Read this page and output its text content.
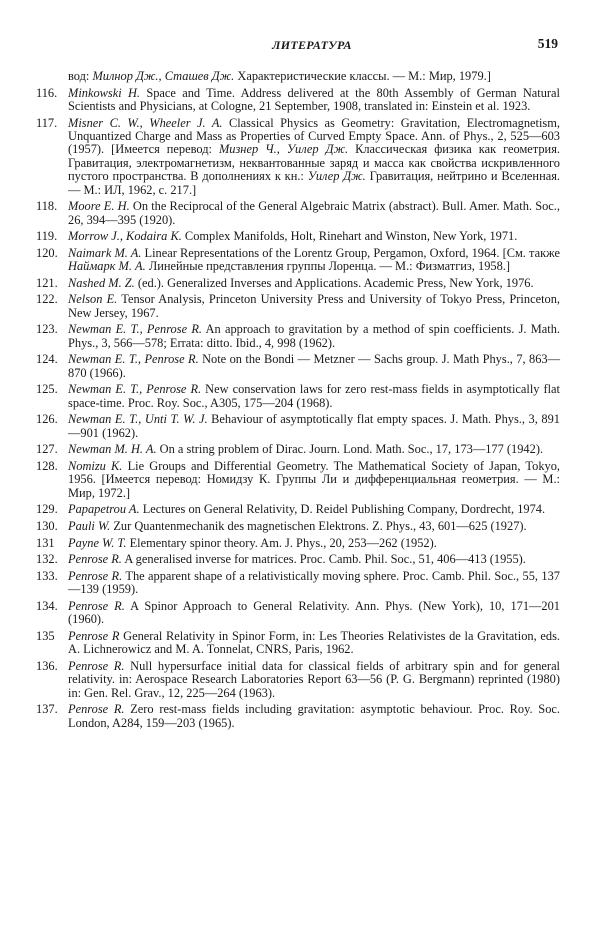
ЛИТЕРАТУРА	519
вод: Милнор Дж., Сташев Дж. Характеристические классы. — М.: Мир, 1979.]
116. Minkowski H. Space and Time. Address delivered at the 80th Assembly of German Natural Scientists and Physicians, at Cologne, 21 September, 1908, translated in: Einstein et al. 1923.
117. Misner C. W., Wheeler J. A. Classical Physics as Geometry: Gravitation, Electromagnetism, Unquantized Charge and Mass as Properties of Curved Empty Space. Ann. of Phys., 2, 525—603 (1957). [Имеется перевод: Мизнер Ч., Уилер Дж. Классическая физика как геометрия. Гравитация, электромагнетизм, неквантованные заряд и масса как свойства искривленного пустого пространства. В дополнениях к кн.: Уилер Дж. Гравитация, нейтрино и Вселенная. — М.: ИЛ, 1962, с. 217.]
118. Moore E. H. On the Reciprocal of the General Algebraic Matrix (abstract). Bull. Amer. Math. Soc., 26, 394—395 (1920).
119. Morrow J., Kodaira K. Complex Manifolds, Holt, Rinehart and Winston, New York, 1971.
120. Naimark M. A. Linear Representations of the Lorentz Group, Pergamon, Oxford, 1964. [См. также Наймарк М. А. Линейные представления группы Лоренца. — М.: Физматгиз, 1958.]
121. Nashed M. Z. (ed.). Generalized Inverses and Applications. Academic Press, New York, 1976.
122. Nelson E. Tensor Analysis, Princeton University Press and University of Tokyo Press, Princeton, New Jersey, 1967.
123. Newman E. T., Penrose R. An approach to gravitation by a method of spin coefficients. J. Math. Phys., 3, 566—578; Errata: ditto. Ibid., 4, 998 (1962).
124. Newman E. T., Penrose R. Note on the Bondi — Metzner — Sachs group. J. Math Phys., 7, 863—870 (1966).
125. Newman E. T., Penrose R. New conservation laws for zero rest-mass fields in asymptotically flat space-time. Proc. Roy. Soc., A305, 175—204 (1968).
126. Newman E. T., Unti T. W. J. Behaviour of asymptotically flat empty spaces. J. Math. Phys., 3, 891—901 (1962).
127. Newman M. H. A. On a string problem of Dirac. Journ. Lond. Math. Soc., 17, 173—177 (1942).
128. Nomizu K. Lie Groups and Differential Geometry. The Mathematical Society of Japan, Tokyo, 1956. [Имеется перевод: Номидзу К. Группы Ли и дифференциальная геометрия. — М.: Мир, 1972.]
129. Papapetrou A. Lectures on General Relativity, D. Reidel Publishing Company, Dordrecht, 1974.
130. Pauli W. Zur Quantenmechanik des magnetischen Elektrons. Z. Phys., 43, 601—625 (1927).
131	Payne W. T. Elementary spinor theory. Am. J. Phys., 20, 253—262 (1952).
132. Penrose R. A generalised inverse for matrices. Proc. Camb. Phil. Soc., 51, 406—413 (1955).
133. Penrose R. The apparent shape of a relativistically moving sphere. Proc. Camb. Phil. Soc., 55, 137—139 (1959).
134. Penrose R. A Spinor Approach to General Relativity. Ann. Phys. (New York), 10, 171—201 (1960).
135	Penrose R General Relativity in Spinor Form, in: Les Theories Relativistes de la Gravitation, eds. A. Lichnerowicz and M. A. Tonnelat, CNRS, Paris, 1962.
136. Penrose R. Null hypersurface initial data for classical fields of arbitrary spin and for general relativity. in: Aerospace Research Laboratories Report 63—56 (P. G. Bergmann) reprinted (1980) in: Gen. Rel. Grav., 12, 225—264 (1963).
137. Penrose R. Zero rest-mass fields including gravitation: asymptotic behaviour. Proc. Roy. Soc. London, A284, 159—203 (1965).
